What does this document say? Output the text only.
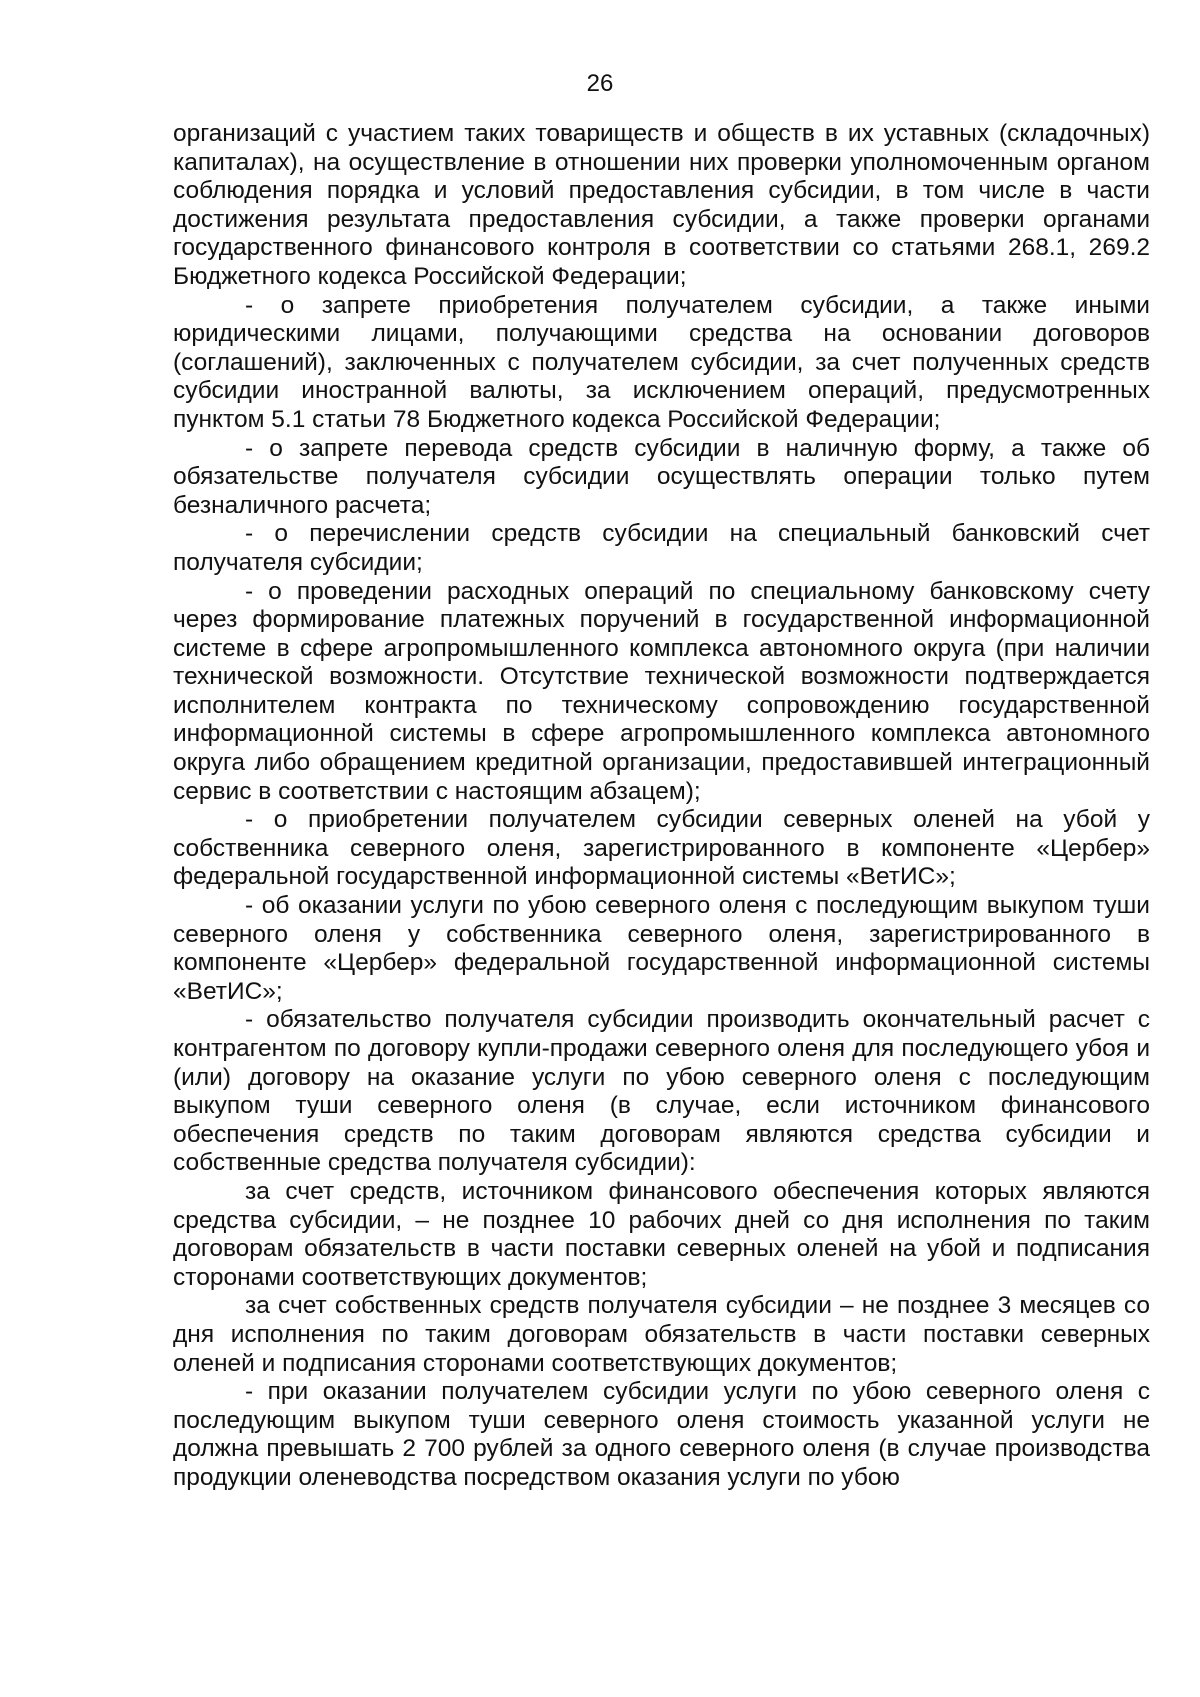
26

организаций с участием таких товариществ и обществ в их уставных (складочных) капиталах), на осуществление в отношении них проверки уполномоченным органом соблюдения порядка и условий предоставления субсидии, в том числе в части достижения результата предоставления субсидии, а также проверки органами государственного финансового контроля в соответствии со статьями 268.1, 269.2 Бюджетного кодекса Российской Федерации;

- о запрете приобретения получателем субсидии, а также иными юридическими лицами, получающими средства на основании договоров (соглашений), заключенных с получателем субсидии, за счет полученных средств субсидии иностранной валюты, за исключением операций, предусмотренных пунктом 5.1 статьи 78 Бюджетного кодекса Российской Федерации;

- о запрете перевода средств субсидии в наличную форму, а также об обязательстве получателя субсидии осуществлять операции только путем безналичного расчета;

- о перечислении средств субсидии на специальный банковский счет получателя субсидии;

- о проведении расходных операций по специальному банковскому счету через формирование платежных поручений в государственной информационной системе в сфере агропромышленного комплекса автономного округа (при наличии технической возможности. Отсутствие технической возможности подтверждается исполнителем контракта по техническому сопровождению государственной информационной системы в сфере агропромышленного комплекса автономного округа либо обращением кредитной организации, предоставившей интеграционный сервис в соответствии с настоящим абзацем);

- о приобретении получателем субсидии северных оленей на убой у собственника северного оленя, зарегистрированного в компоненте «Цербер» федеральной государственной информационной системы «ВетИС»;

- об оказании услуги по убою северного оленя с последующим выкупом туши северного оленя у собственника северного оленя, зарегистрированного в компоненте «Цербер» федеральной государственной информационной системы «ВетИС»;

- обязательство получателя субсидии производить окончательный расчет с контрагентом по договору купли-продажи северного оленя для последующего убоя и (или) договору на оказание услуги по убою северного оленя с последующим выкупом туши северного оленя (в случае, если источником финансового обеспечения средств по таким договорам являются средства субсидии и собственные средства получателя субсидии):

за счет средств, источником финансового обеспечения которых являются средства субсидии, – не позднее 10 рабочих дней со дня исполнения по таким договорам обязательств в части поставки северных оленей на убой и подписания сторонами соответствующих документов;

за счет собственных средств получателя субсидии – не позднее 3 месяцев со дня исполнения по таким договорам обязательств в части поставки северных оленей и подписания сторонами соответствующих документов;

- при оказании получателем субсидии услуги по убою северного оленя с последующим выкупом туши северного оленя стоимость указанной услуги не должна превышать 2 700 рублей за одного северного оленя (в случае производства продукции оленеводства посредством оказания услуги по убою
